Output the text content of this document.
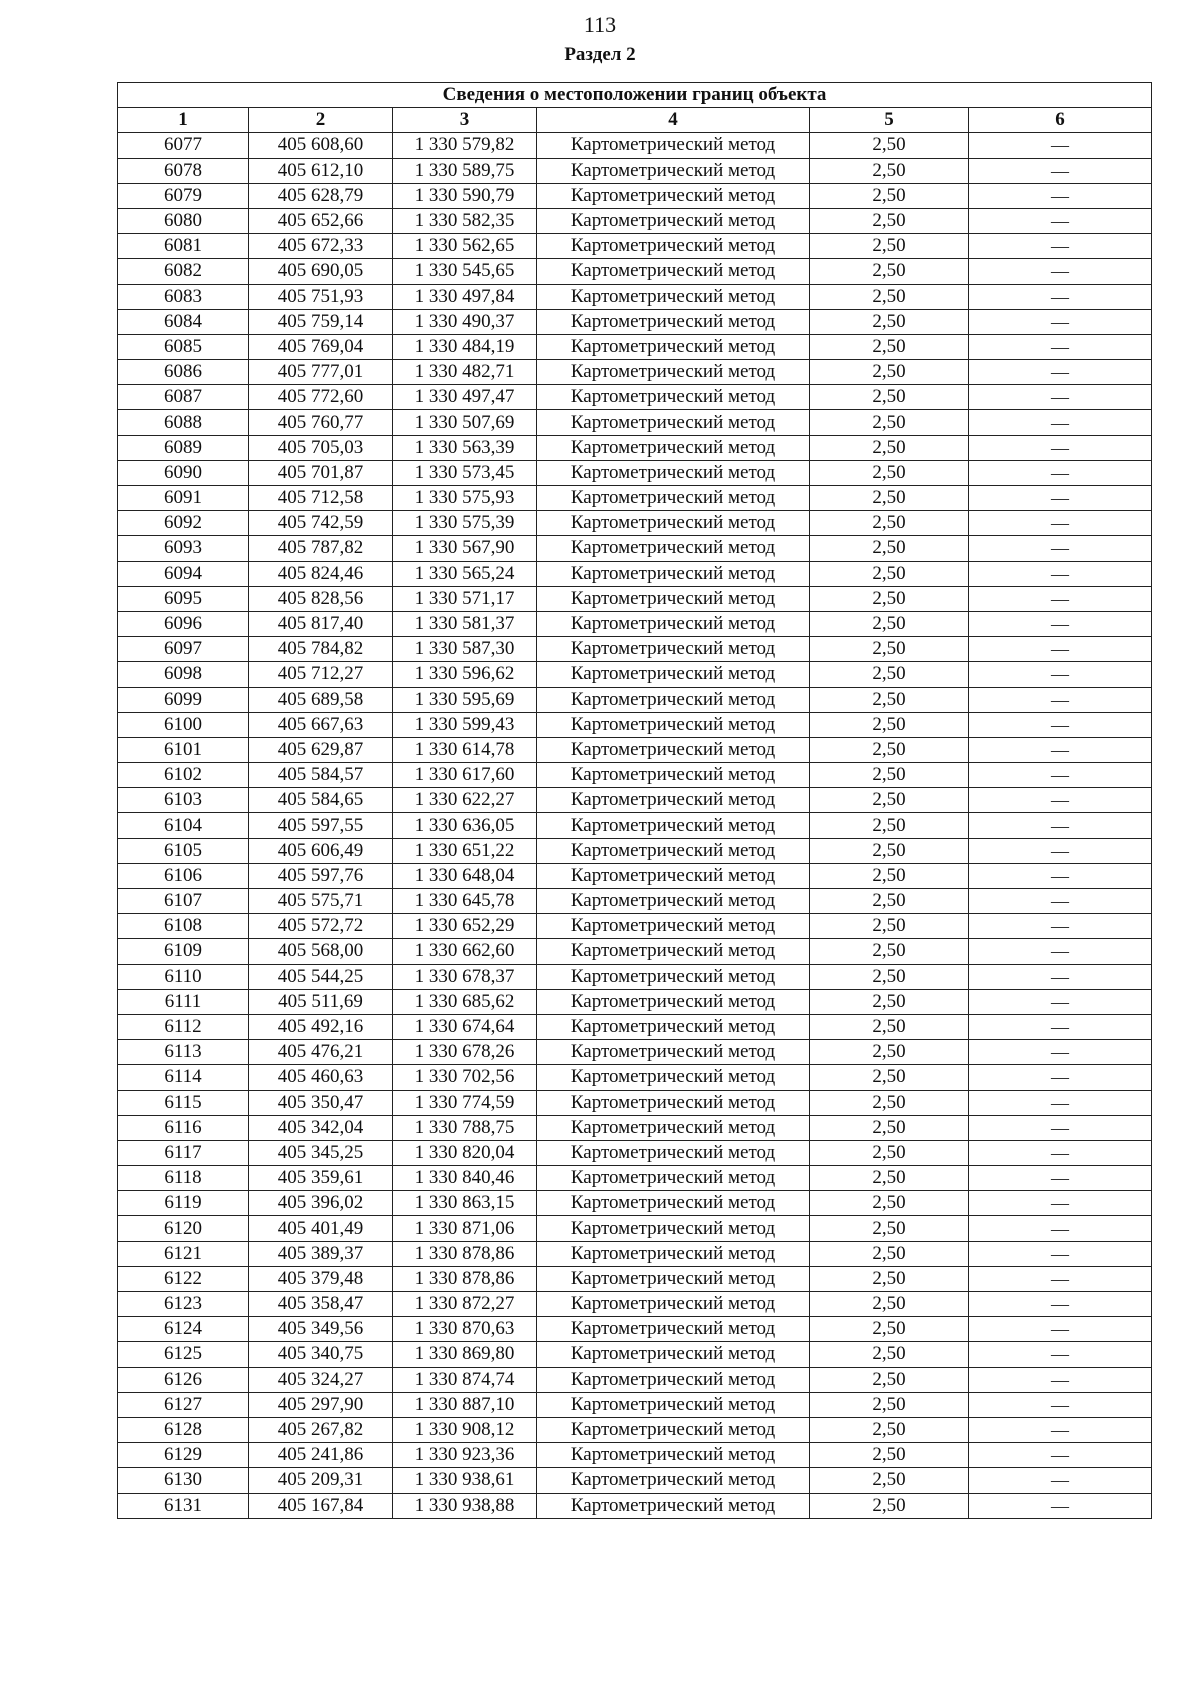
113
Раздел 2
Сведения о местоположении границ объекта					
1	2	3	4	5	6
6077	405 608,60	1 330 579,82	Картометрический метод	2,50	—
6078	405 612,10	1 330 589,75	Картометрический метод	2,50	—
6079	405 628,79	1 330 590,79	Картометрический метод	2,50	—
6080	405 652,66	1 330 582,35	Картометрический метод	2,50	—
6081	405 672,33	1 330 562,65	Картометрический метод	2,50	—
6082	405 690,05	1 330 545,65	Картометрический метод	2,50	—
6083	405 751,93	1 330 497,84	Картометрический метод	2,50	—
6084	405 759,14	1 330 490,37	Картометрический метод	2,50	—
6085	405 769,04	1 330 484,19	Картометрический метод	2,50	—
6086	405 777,01	1 330 482,71	Картометрический метод	2,50	—
6087	405 772,60	1 330 497,47	Картометрический метод	2,50	—
6088	405 760,77	1 330 507,69	Картометрический метод	2,50	—
6089	405 705,03	1 330 563,39	Картометрический метод	2,50	—
6090	405 701,87	1 330 573,45	Картометрический метод	2,50	—
6091	405 712,58	1 330 575,93	Картометрический метод	2,50	—
6092	405 742,59	1 330 575,39	Картометрический метод	2,50	—
6093	405 787,82	1 330 567,90	Картометрический метод	2,50	—
6094	405 824,46	1 330 565,24	Картометрический метод	2,50	—
6095	405 828,56	1 330 571,17	Картометрический метод	2,50	—
6096	405 817,40	1 330 581,37	Картометрический метод	2,50	—
6097	405 784,82	1 330 587,30	Картометрический метод	2,50	—
6098	405 712,27	1 330 596,62	Картометрический метод	2,50	—
6099	405 689,58	1 330 595,69	Картометрический метод	2,50	—
6100	405 667,63	1 330 599,43	Картометрический метод	2,50	—
6101	405 629,87	1 330 614,78	Картометрический метод	2,50	—
6102	405 584,57	1 330 617,60	Картометрический метод	2,50	—
6103	405 584,65	1 330 622,27	Картометрический метод	2,50	—
6104	405 597,55	1 330 636,05	Картометрический метод	2,50	—
6105	405 606,49	1 330 651,22	Картометрический метод	2,50	—
6106	405 597,76	1 330 648,04	Картометрический метод	2,50	—
6107	405 575,71	1 330 645,78	Картометрический метод	2,50	—
6108	405 572,72	1 330 652,29	Картометрический метод	2,50	—
6109	405 568,00	1 330 662,60	Картометрический метод	2,50	—
6110	405 544,25	1 330 678,37	Картометрический метод	2,50	—
6111	405 511,69	1 330 685,62	Картометрический метод	2,50	—
6112	405 492,16	1 330 674,64	Картометрический метод	2,50	—
6113	405 476,21	1 330 678,26	Картометрический метод	2,50	—
6114	405 460,63	1 330 702,56	Картометрический метод	2,50	—
6115	405 350,47	1 330 774,59	Картометрический метод	2,50	—
6116	405 342,04	1 330 788,75	Картометрический метод	2,50	—
6117	405 345,25	1 330 820,04	Картометрический метод	2,50	—
6118	405 359,61	1 330 840,46	Картометрический метод	2,50	—
6119	405 396,02	1 330 863,15	Картометрический метод	2,50	—
6120	405 401,49	1 330 871,06	Картометрический метод	2,50	—
6121	405 389,37	1 330 878,86	Картометрический метод	2,50	—
6122	405 379,48	1 330 878,86	Картометрический метод	2,50	—
6123	405 358,47	1 330 872,27	Картометрический метод	2,50	—
6124	405 349,56	1 330 870,63	Картометрический метод	2,50	—
6125	405 340,75	1 330 869,80	Картометрический метод	2,50	—
6126	405 324,27	1 330 874,74	Картометрический метод	2,50	—
6127	405 297,90	1 330 887,10	Картометрический метод	2,50	—
6128	405 267,82	1 330 908,12	Картометрический метод	2,50	—
6129	405 241,86	1 330 923,36	Картометрический метод	2,50	—
6130	405 209,31	1 330 938,61	Картометрический метод	2,50	—
6131	405 167,84	1 330 938,88	Картометрический метод	2,50	—
